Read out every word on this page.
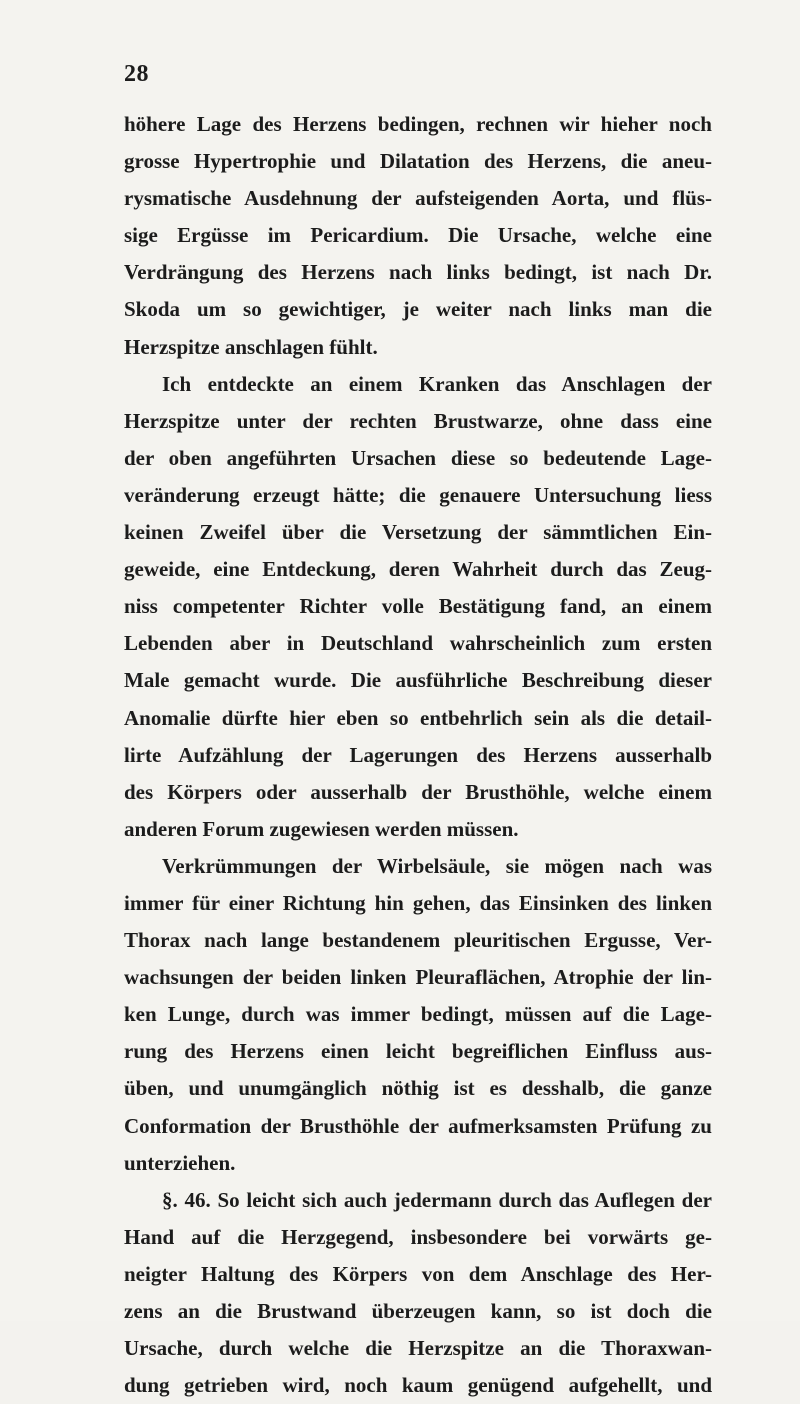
28
höhere Lage des Herzens bedingen, rechnen wir hieher noch
grosse Hypertrophie und Dilatation des Herzens, die aneu-
rysmatische Ausdehnung der aufsteigenden Aorta, und flüs-
sige Ergüsse im Pericardium. Die Ursache, welche eine
Verdrängung des Herzens nach links bedingt, ist nach Dr.
Skoda um so gewichtiger, je weiter nach links man die
Herzspitze anschlagen fühlt.
Ich entdeckte an einem Kranken das Anschlagen der
Herzspitze unter der rechten Brustwarze, ohne dass eine
der oben angeführten Ursachen diese so bedeutende Lage-
veränderung erzeugt hätte; die genauere Untersuchung liess
keinen Zweifel über die Versetzung der sämmtlichen Ein-
geweide, eine Entdeckung, deren Wahrheit durch das Zeug-
niss competenter Richter volle Bestätigung fand, an einem
Lebenden aber in Deutschland wahrscheinlich zum ersten
Male gemacht wurde. Die ausführliche Beschreibung dieser
Anomalie dürfte hier eben so entbehrlich sein als die detail-
lirte Aufzählung der Lagerungen des Herzens ausserhalb
des Körpers oder ausserhalb der Brusthöhle, welche einem
anderen Forum zugewiesen werden müssen.
Verkrümmungen der Wirbelsäule, sie mögen nach was
immer für einer Richtung hin gehen, das Einsinken des linken
Thorax nach lange bestandenem pleuritischen Ergusse, Ver-
wachsungen der beiden linken Pleuraflächen, Atrophie der lin-
ken Lunge, durch was immer bedingt, müssen auf die Lage-
rung des Herzens einen leicht begreiflichen Einfluss aus-
üben, und unumgänglich nöthig ist es desshalb, die ganze
Conformation der Brusthöhle der aufmerksamsten Prüfung zu
unterziehen.
§. 46. So leicht sich auch jedermann durch das Auflegen der
Hand auf die Herzgegend, insbesondere bei vorwärts ge-
neigter Haltung des Körpers von dem Anschlage des Her-
zens an die Brustwand überzeugen kann, so ist doch die
Ursache, durch welche die Herzspitze an die Thoraxwan-
dung getrieben wird, noch kaum genügend aufgehellt, und
